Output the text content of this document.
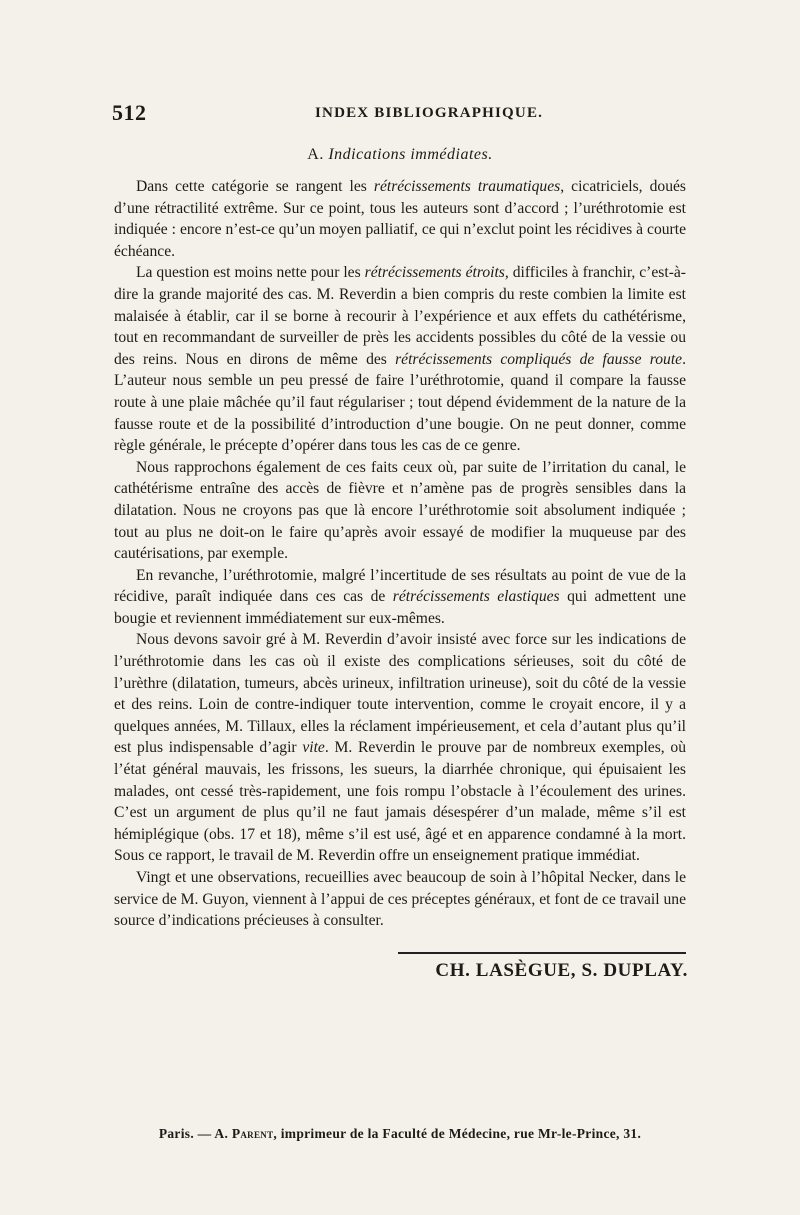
512	INDEX BIBLIOGRAPHIQUE.
A. Indications immédiates.

Dans cette catégorie se rangent les rétrécissements traumatiques, cicatriciels, doués d’une rétractilité extrême. Sur ce point, tous les auteurs sont d’accord ; l’uréthrotomie est indiquée : encore n’est-ce qu’un moyen palliatif, ce qui n’exclut point les récidives à courte échéance.

La question est moins nette pour les rétrécissements étroits, difficiles à franchir, c’est-à-dire la grande majorité des cas. M. Reverdin a bien compris du reste combien la limite est malaisée à établir, car il se borne à recourir à l’expérience et aux effets du cathétérisme, tout en recommandant de surveiller de près les accidents possibles du côté de la vessie ou des reins. Nous en dirons de même des rétrécissements compliqués de fausse route. L’auteur nous semble un peu pressé de faire l’uréthrotomie, quand il compare la fausse route à une plaie mâchée qu’il faut régulariser ; tout dépend évidemment de la nature de la fausse route et de la possibilité d’introduction d’une bougie. On ne peut donner, comme règle générale, le précepte d’opérer dans tous les cas de ce genre.

Nous rapprochons également de ces faits ceux où, par suite de l’irritation du canal, le cathétérisme entraîne des accès de fièvre et n’amène pas de progrès sensibles dans la dilatation. Nous ne croyons pas que là encore l’uréthrotomie soit absolument indiquée ; tout au plus ne doit-on le faire qu’après avoir essayé de modifier la muqueuse par des cautérisations, par exemple.

En revanche, l’uréthrotomie, malgré l’incertitude de ses résultats au point de vue de la récidive, paraît indiquée dans ces cas de rétrécissements elastiques qui admettent une bougie et reviennent immédiatement sur eux-mêmes.

Nous devons savoir gré à M. Reverdin d’avoir insisté avec force sur les indications de l’uréthrotomie dans les cas où il existe des complications sérieuses, soit du côté de l’urèthre (dilatation, tumeurs, abcès urineux, infiltration urineuse), soit du côté de la vessie et des reins. Loin de contre-indiquer toute intervention, comme le croyait encore, il y a quelques années, M. Tillaux, elles la réclament impérieusement, et cela d’autant plus qu’il est plus indispensable d’agir vite. M. Reverdin le prouve par de nombreux exemples, où l’état général mauvais, les frissons, les sueurs, la diarrhée chronique, qui épuisaient les malades, ont cessé très-rapidement, une fois rompu l’obstacle à l’écoulement des urines. C’est un argument de plus qu’il ne faut jamais désespérer d’un malade, même s’il est hémiplégique (obs. 17 et 18), même s’il est usé, âgé et en apparence condamné à la mort. Sous ce rapport, le travail de M. Reverdin offre un enseignement pratique immédiat.

Vingt et une observations, recueillies avec beaucoup de soin à l’hôpital Necker, dans le service de M. Guyon, viennent à l’appui de ces préceptes généraux, et font de ce travail une source d’indications précieuses à consulter.

CH. LASÈGUE, S. DUPLAY.
Paris. — A. Parent, imprimeur de la Faculté de Médecine, rue Mr-le-Prince, 31.
